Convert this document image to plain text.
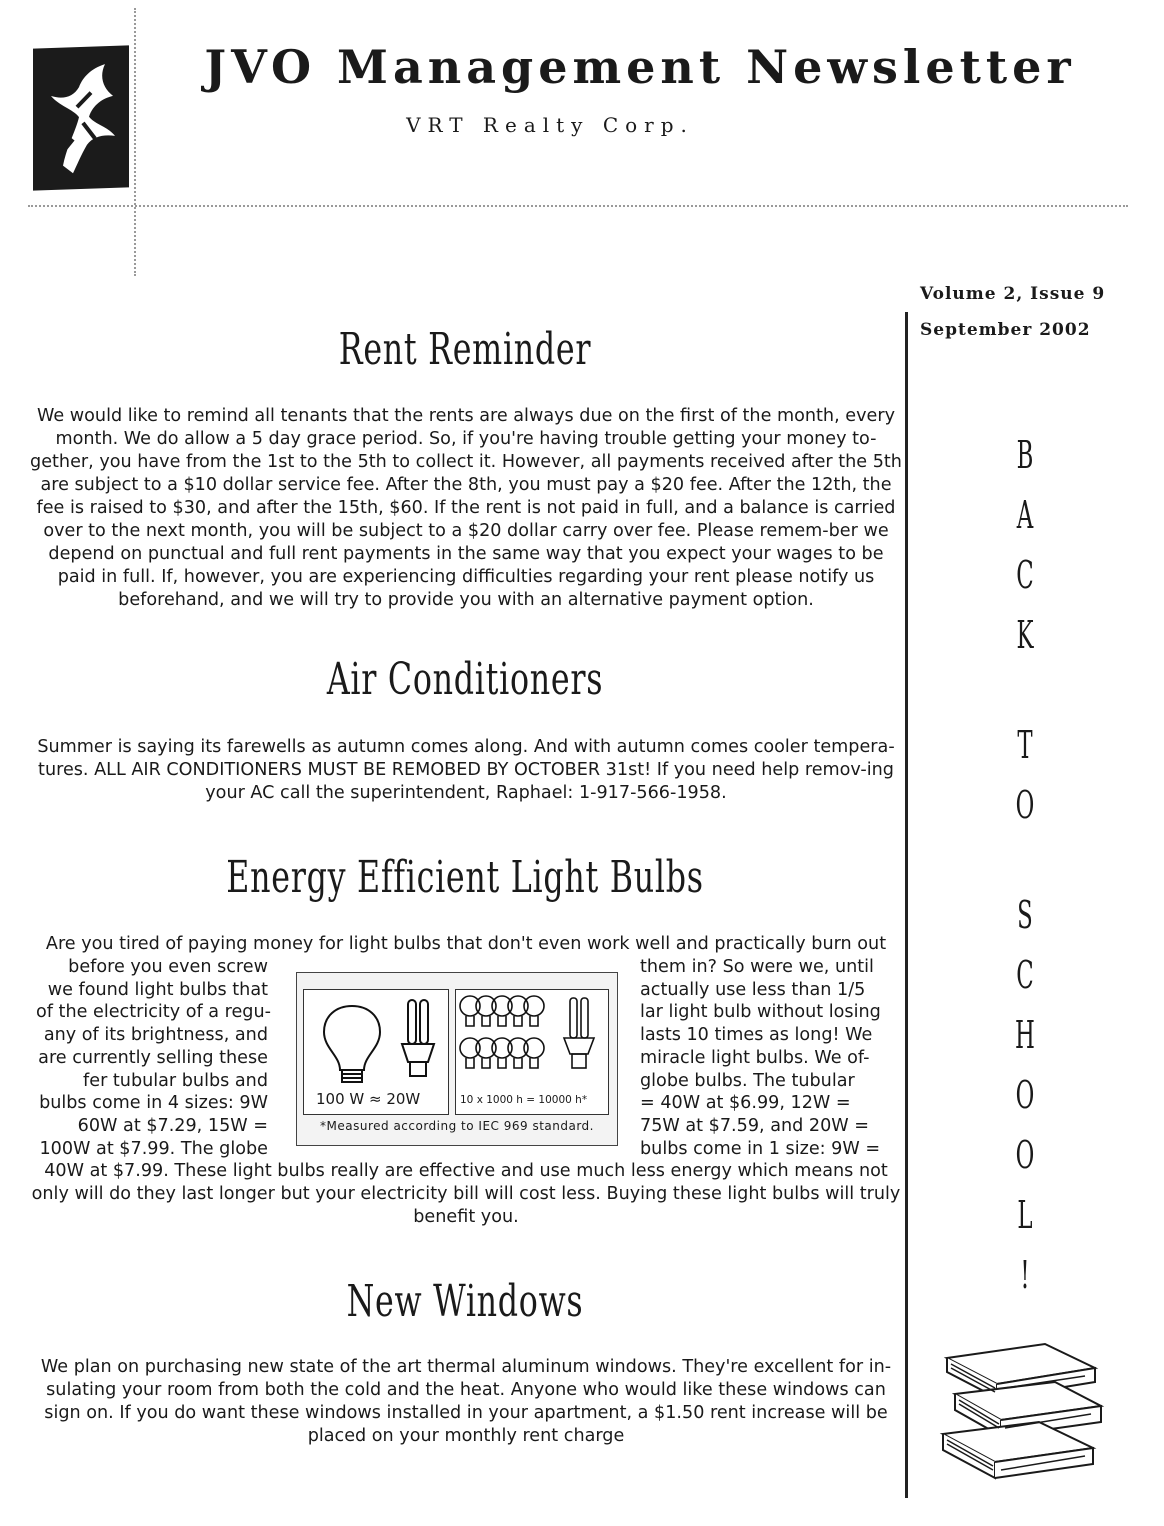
JVO Management Newsletter
VRT Realty Corp.
Volume 2, Issue 9
September 2002
B
A
C
K
T
O
S
C
H
O
O
L
!
Rent Reminder
We would like to remind all tenants that the rents are always due on the first of the month, every month. We do allow a 5 day grace period. So, if you're having trouble getting your money to-gether, you have from the 1st to the 5th to collect it. However, all payments received after the 5th are subject to a $10 dollar service fee. After the 8th, you must pay a $20 fee. After the 12th, the fee is raised to $30, and after the 15th, $60. If the rent is not paid in full, and a balance is carried over to the next month, you will be subject to a $20 dollar carry over fee. Please remem-ber we depend on punctual and full rent payments in the same way that you expect your wages to be paid in full. If, however, you are experiencing difficulties regarding your rent please notify us beforehand, and we will try to provide you with an alternative payment option.
Air Conditioners
Summer is saying its farewells as autumn comes along. And with autumn comes cooler tempera-tures. ALL AIR CONDITIONERS MUST BE REMOBED BY OCTOBER 31st! If you need help remov-ing your AC call the superintendent, Raphael: 1-917-566-1958.
Energy Efficient Light Bulbs
Are you tired of paying money for light bulbs that don't even work well and practically burn out
before you even screw
we found light bulbs that
of the electricity of a regu-
any of its brightness, and
are currently selling these
fer tubular bulbs and
bulbs come in 4 sizes: 9W
60W at $7.29, 15W =
100W at $7.99. The globe
them in? So were we, until
actually use less than 1/5
lar light bulb without losing
lasts 10 times as long! We
miracle light bulbs. We of-
globe bulbs. The tubular
= 40W at $6.99, 12W =
75W at $7.59, and 20W =
bulbs come in 1 size: 9W =
100 W ≈ 20W	10 x 1000 h = 10000 h*
*Measured according to IEC 969 standard.
40W at $7.99. These light bulbs really are effective and use much less energy which means not only will do they last longer but your electricity bill will cost less. Buying these light bulbs will truly benefit you.
New Windows
We plan on purchasing new state of the art thermal aluminum windows. They're excellent for in-sulating your room from both the cold and the heat. Anyone who would like these windows can sign on. If you do want these windows installed in your apartment, a $1.50 rent increase will be placed on your monthly rent charge
